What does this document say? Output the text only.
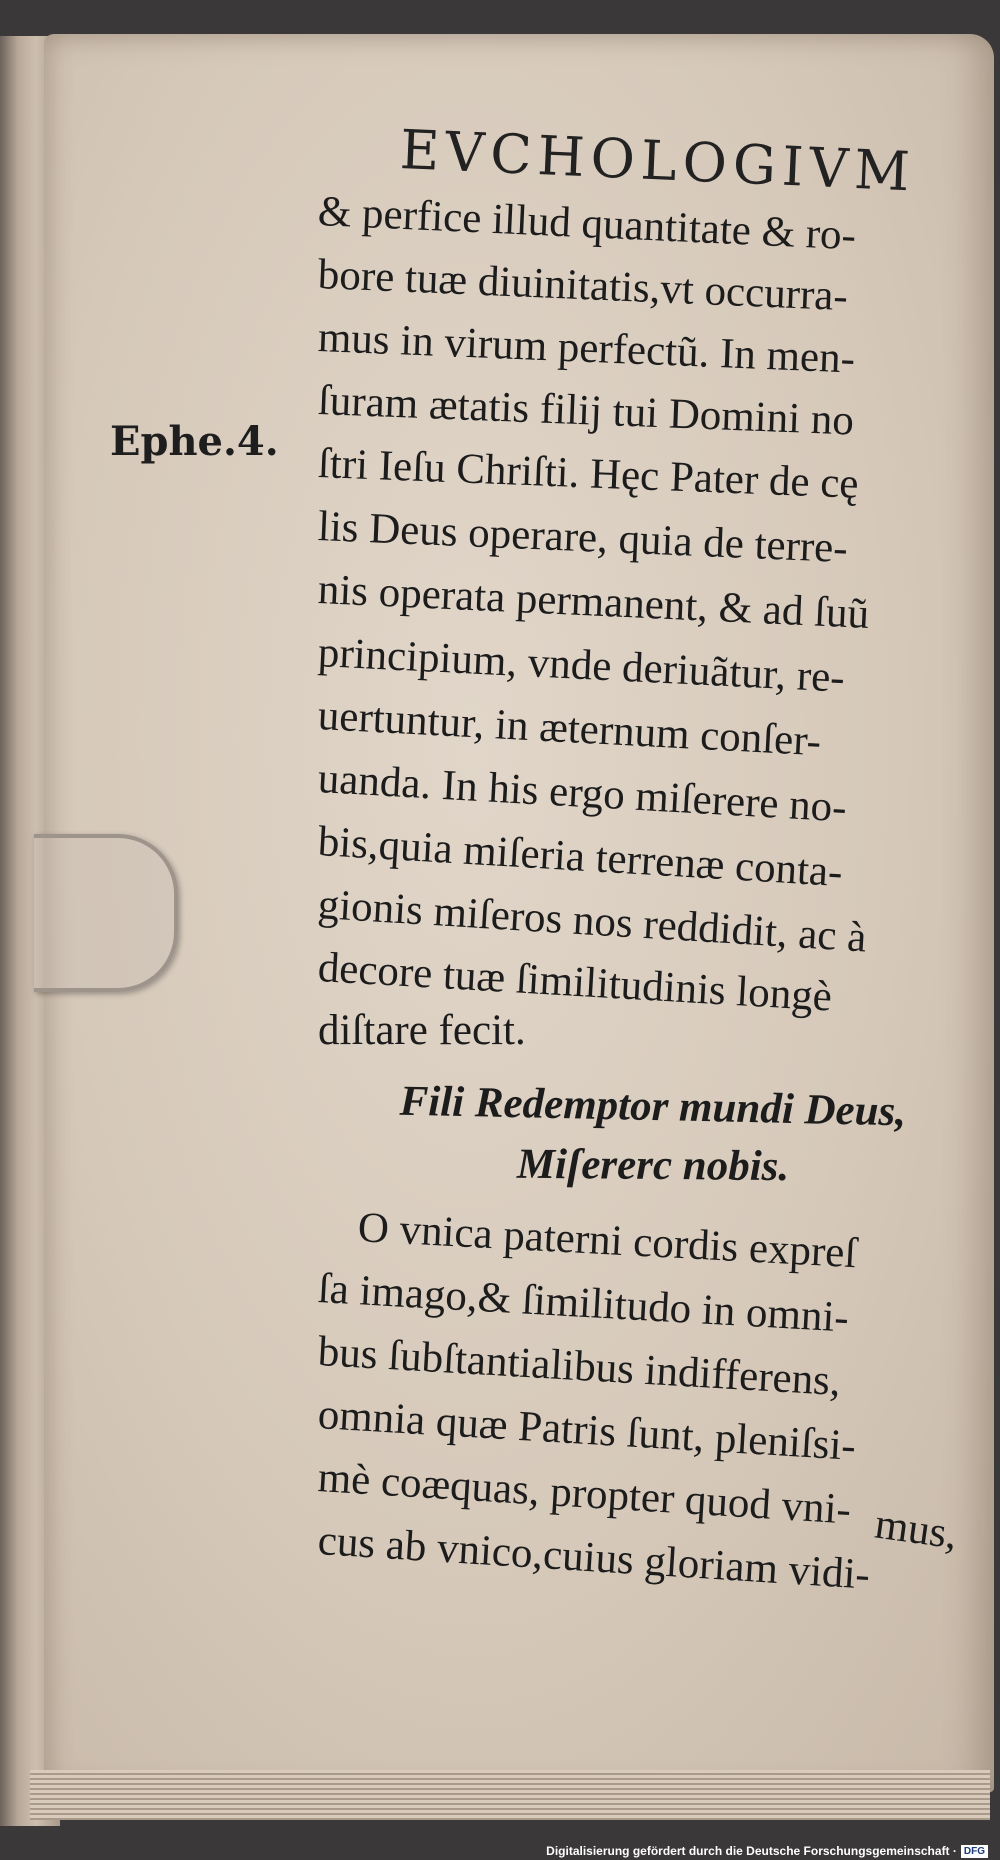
EVCHOLOGIVM
Ephe.4.
& perfice illud quantitate & ro-
bore tuæ diuinitatis,vt occurra-
mus in virum perfectũ. In men-
ſuram ætatis filij tui Domini no
ſtri Ieſu Chriſti. Hęc Pater de cę
lis Deus operare, quia de terre-
nis operata permanent, & ad ſuũ
principium, vnde deriuãtur, re-
uertuntur, in æternum conſer-
uanda. In his ergo miſerere no-
bis,quia miſeria terrenæ conta-
gionis miſeros nos reddidit, ac à
decore tuæ ſimilitudinis longè
diſtare fecit.
Fili Redemptor mundi Deus,
Miſererc nobis.
O vnica paterni cordis expreſ
ſa imago,& ſimilitudo in omni-
bus ſubſtantialibus indifferens,
omnia quæ Patris ſunt, pleniſsi-
mè coæquas, propter quod vni-
cus ab vnico,cuius gloriam vidi- mus,
Digitalisierung gefördert durch die Deutsche Forschungsgemeinschaft · DFG
